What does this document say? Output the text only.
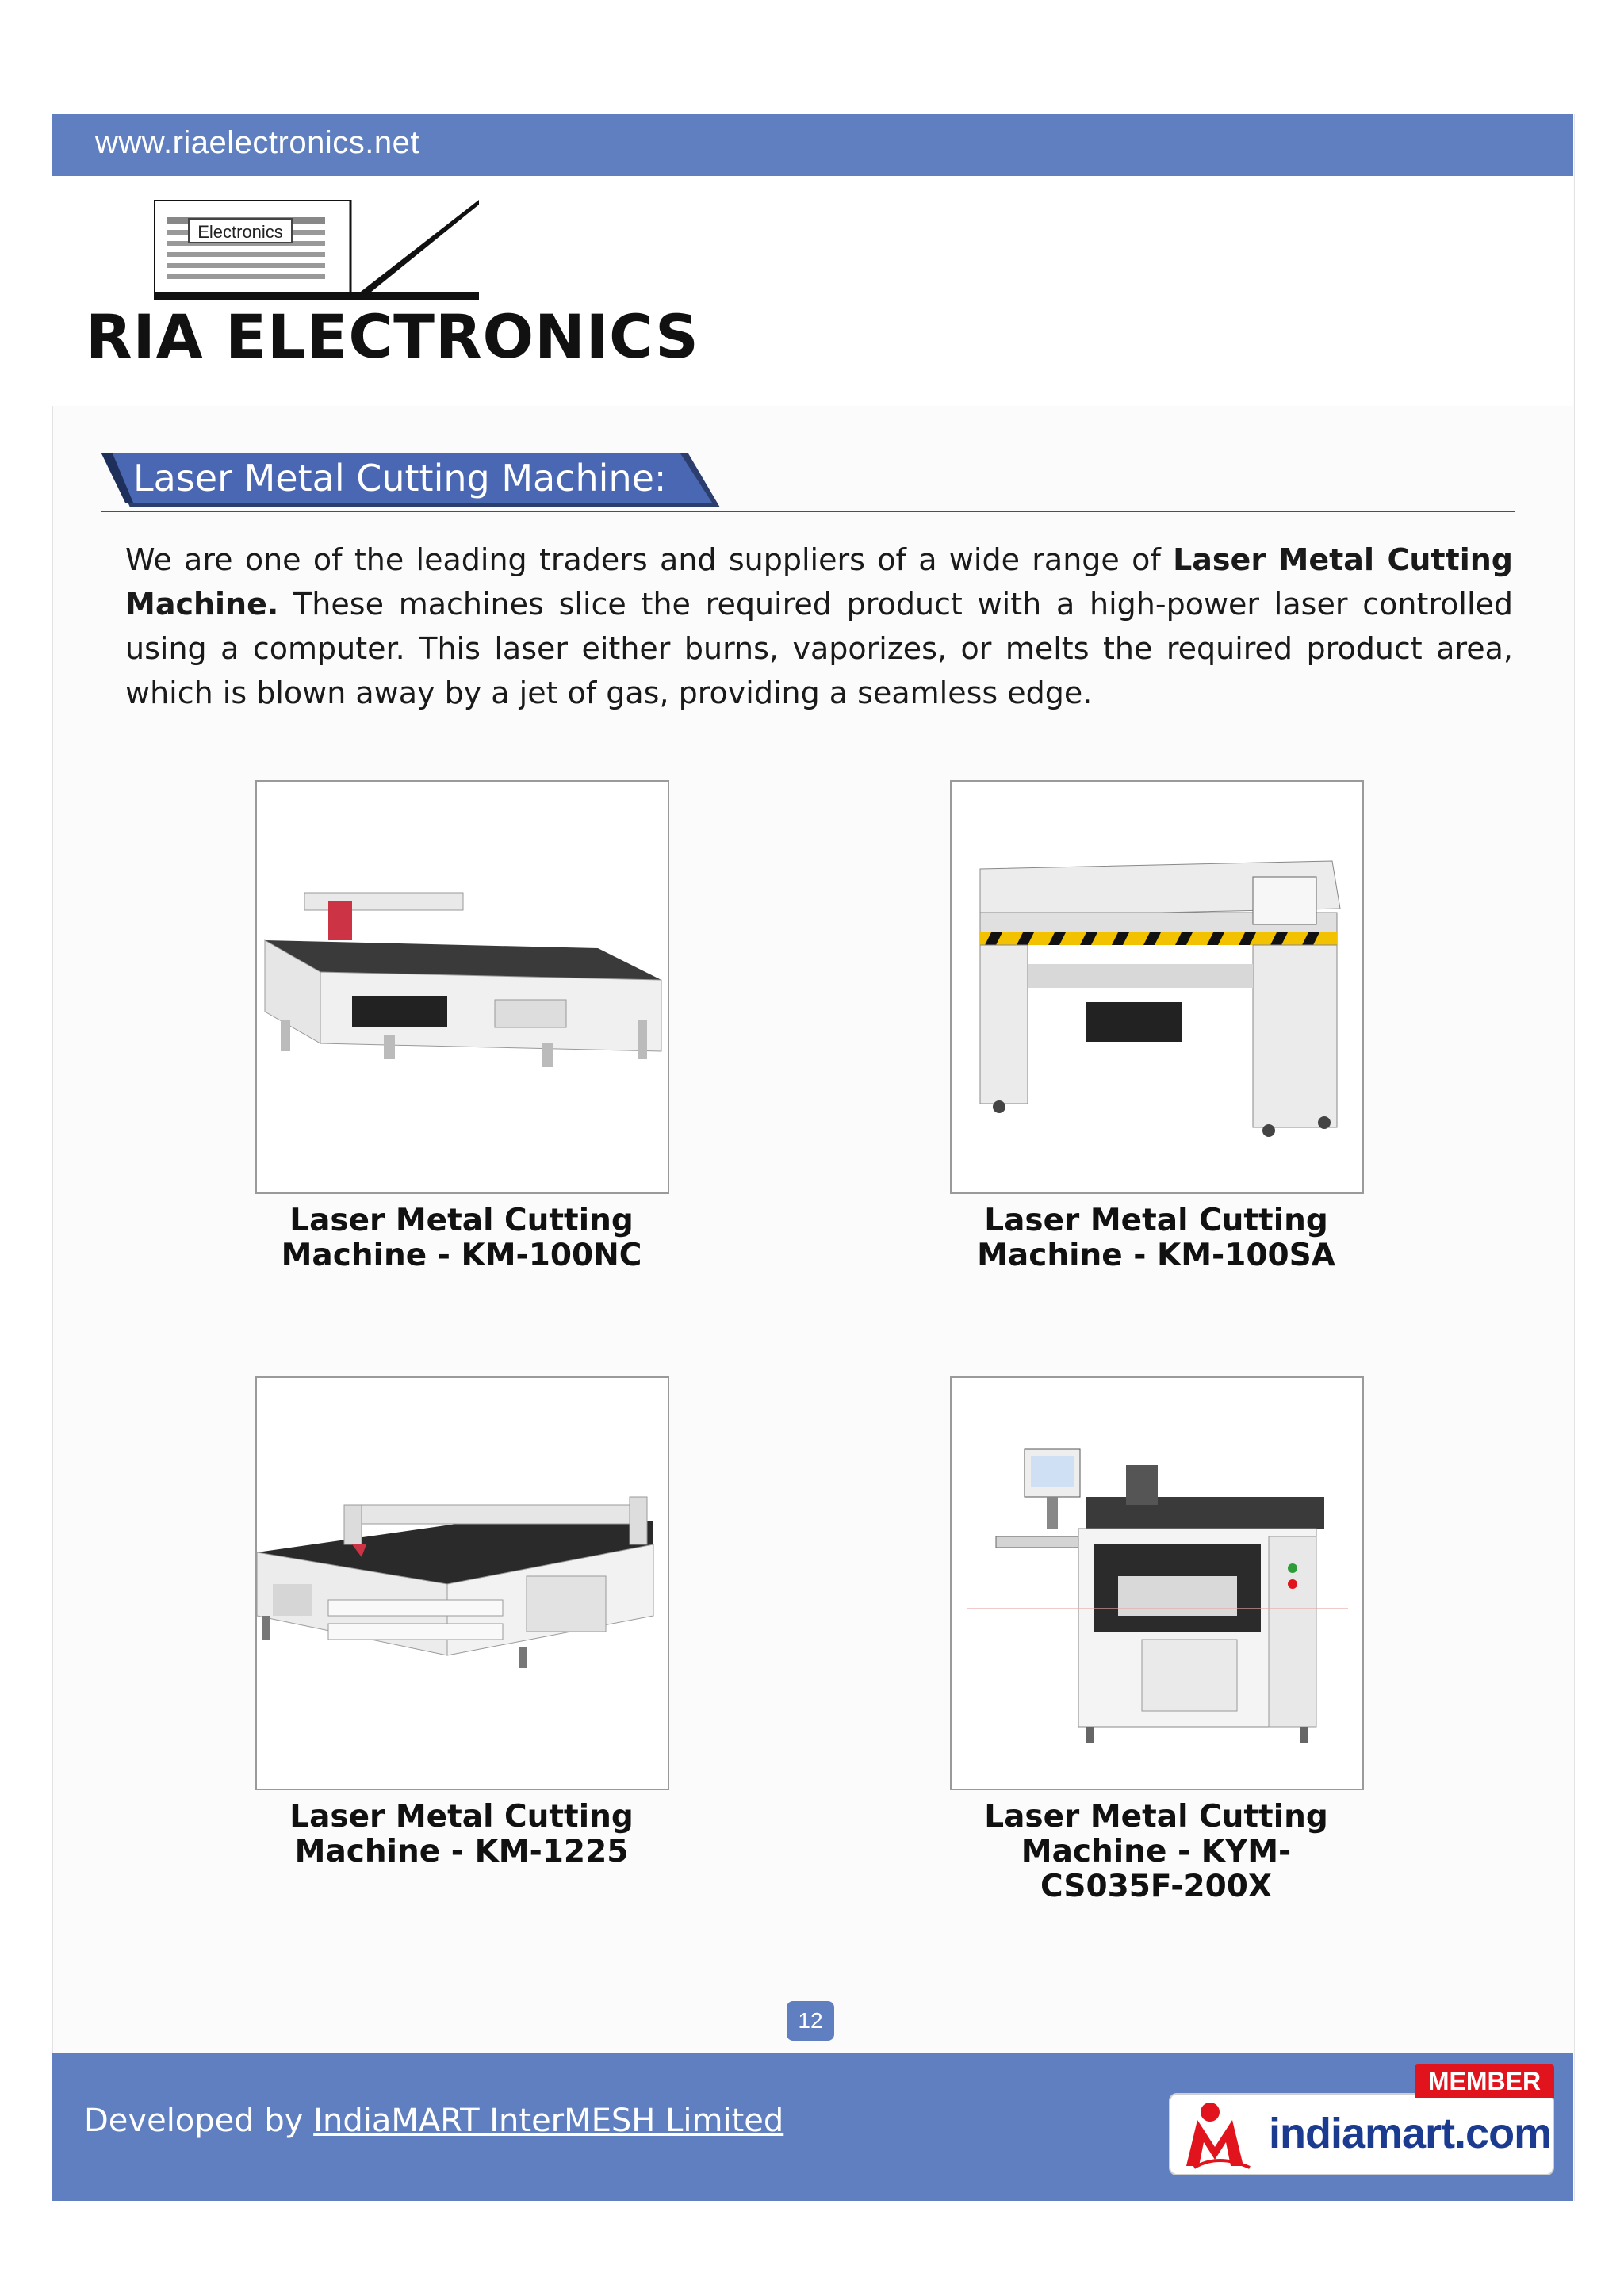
www.riaelectronics.net
Electronics
RIA ELECTRONICS
Laser Metal Cutting Machine:
We are one of the leading traders and suppliers of a wide range of Laser Metal Cutting Machine. These machines slice the required product with a high-power laser controlled using a computer. This laser either burns, vaporizes, or melts the required product area, which is blown away by a jet of gas, providing a seamless edge.
Laser Metal Cutting Machine - KM-100NC
Laser Metal Cutting Machine - KM-100SA
Laser Metal Cutting Machine - KM-1225
Laser Metal Cutting Machine - KYM-CS035F-200X
12
Developed by IndiaMART InterMESH Limited	indiamart.com
MEMBER
